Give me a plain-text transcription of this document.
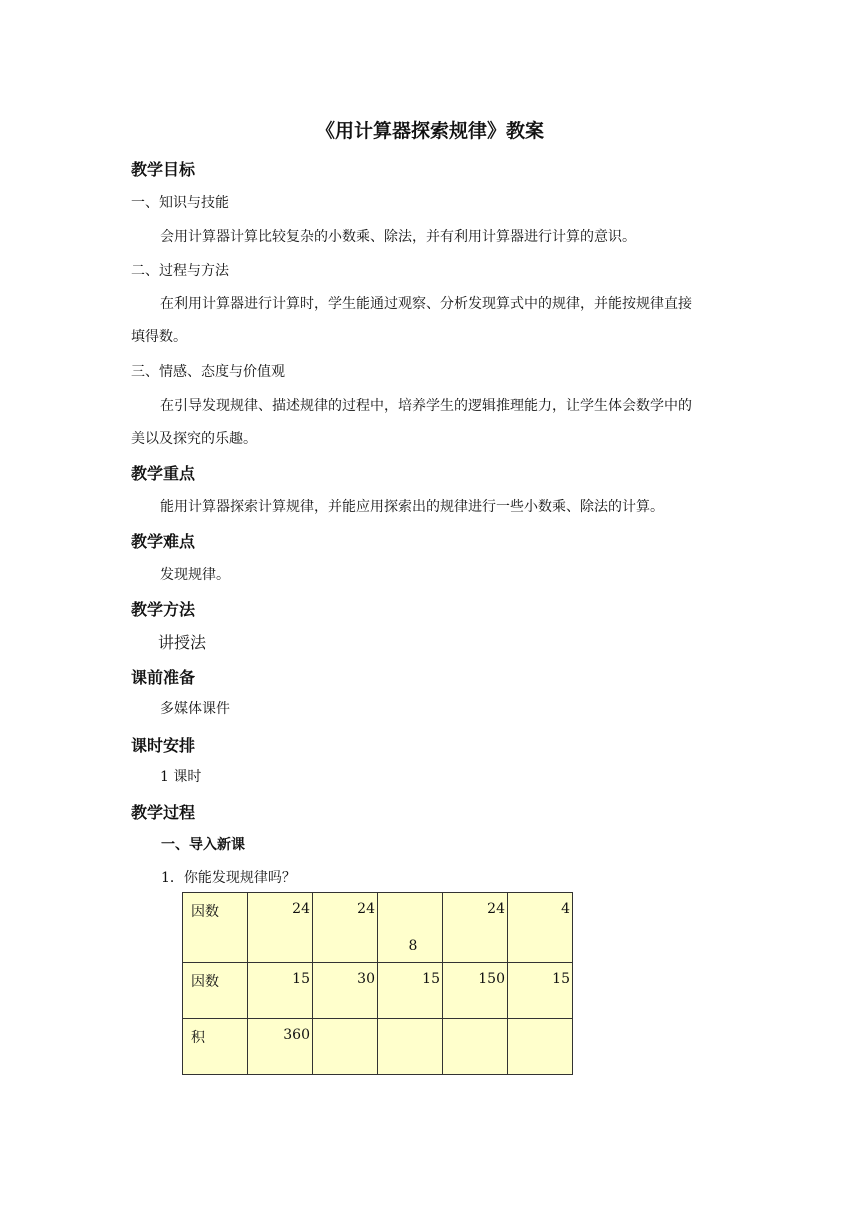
《用计算器探索规律》教案
教学目标
一、知识与技能
会用计算器计算比较复杂的小数乘、除法，并有利用计算器进行计算的意识。
二、过程与方法
在利用计算器进行计算时，学生能通过观察、分析发现算式中的规律，并能按规律直接
填得数。
三、情感、态度与价值观
在引导发现规律、描述规律的过程中，培养学生的逻辑推理能力，让学生体会数学中的
美以及探究的乐趣。
教学重点
能用计算器探索计算规律，并能应用探索出的规律进行一些小数乘、除法的计算。
教学难点
发现规律。
教学方法
讲授法
课前准备
多媒体课件
课时安排
1 课时
教学过程
一、导入新课
1．你能发现规律吗？
因数	24	24	8	24	4
因数	15	30	15	150	15
积	360				
